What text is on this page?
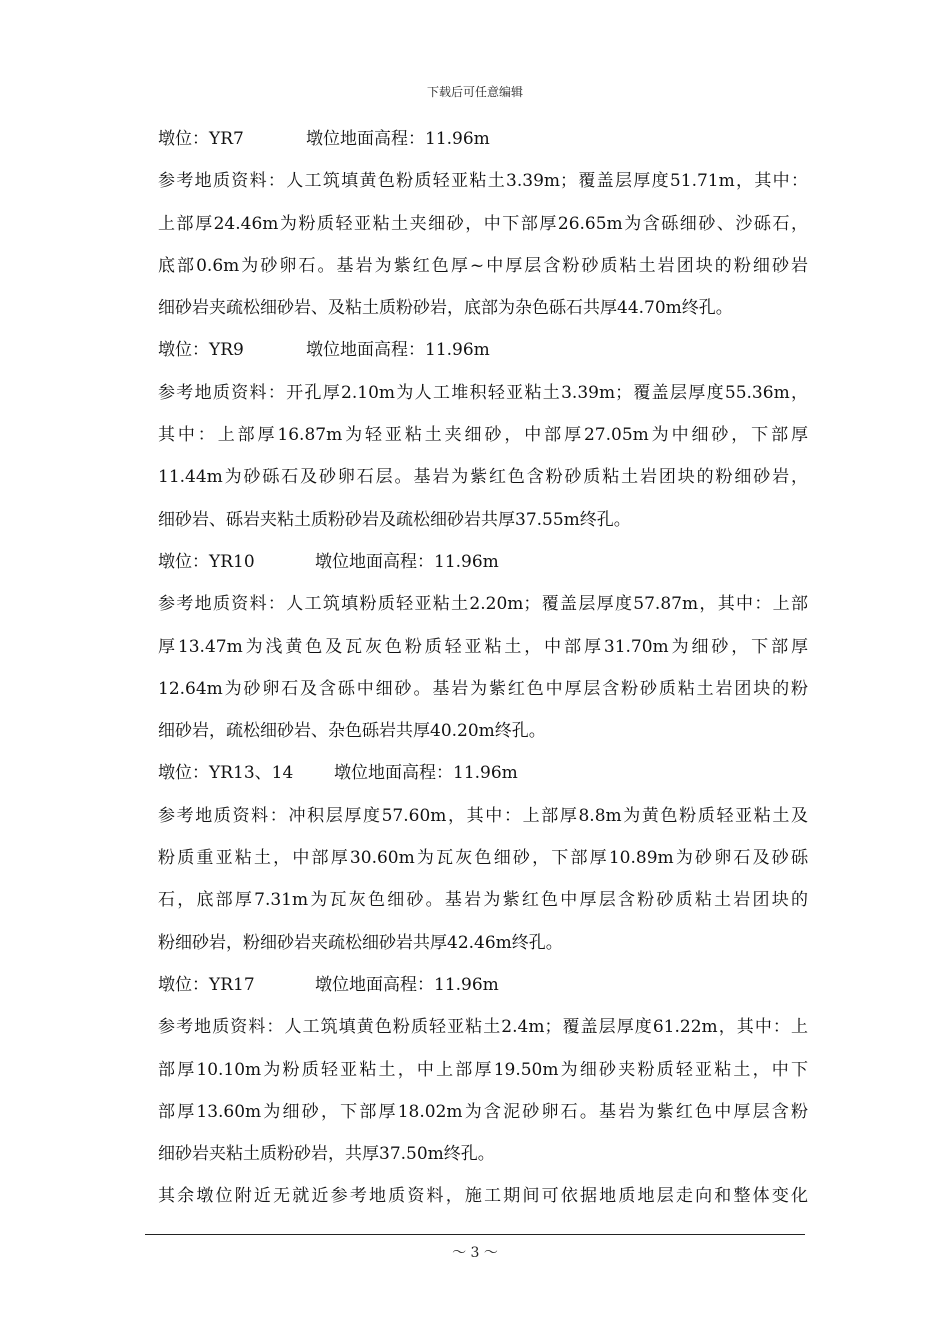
下载后可任意编辑
墩位：YR7	墩位地面高程：11.96m
参考地质资料：人工筑填黄色粉质轻亚粘土3.39m；覆盖层厚度51.71m，其中：
上部厚24.46m为粉质轻亚粘土夹细砂，中下部厚26.65m为含砾细砂、沙砾石，
底部0.6m为砂卵石。基岩为紫红色厚~中厚层含粉砂质粘土岩团块的粉细砂岩
细砂岩夹疏松细砂岩、及粘土质粉砂岩，底部为杂色砾石共厚44.70m终孔。
墩位：YR9	墩位地面高程：11.96m
参考地质资料：开孔厚2.10m为人工堆积轻亚粘土3.39m；覆盖层厚度55.36m，
其中：上部厚16.87m为轻亚粘土夹细砂，中部厚27.05m为中细砂，下部厚
11.44m为砂砾石及砂卵石层。基岩为紫红色含粉砂质粘土岩团块的粉细砂岩，
细砂岩、砾岩夹粘土质粉砂岩及疏松细砂岩共厚37.55m终孔。
墩位：YR10	墩位地面高程：11.96m
参考地质资料：人工筑填粉质轻亚粘土2.20m；覆盖层厚度57.87m，其中：上部
厚13.47m为浅黄色及瓦灰色粉质轻亚粘土，中部厚31.70m为细砂，下部厚
12.64m为砂卵石及含砾中细砂。基岩为紫红色中厚层含粉砂质粘土岩团块的粉
细砂岩，疏松细砂岩、杂色砾岩共厚40.20m终孔。
墩位：YR13、14 墩位地面高程：11.96m
参考地质资料：冲积层厚度57.60m，其中：上部厚8.8m为黄色粉质轻亚粘土及
粉质重亚粘土，中部厚30.60m为瓦灰色细砂，下部厚10.89m为砂卵石及砂砾
石，底部厚7.31m为瓦灰色细砂。基岩为紫红色中厚层含粉砂质粘土岩团块的
粉细砂岩，粉细砂岩夹疏松细砂岩共厚42.46m终孔。
墩位：YR17	墩位地面高程：11.96m
参考地质资料：人工筑填黄色粉质轻亚粘土2.4m；覆盖层厚度61.22m，其中：上
部厚10.10m为粉质轻亚粘土，中上部厚19.50m为细砂夹粉质轻亚粘土，中下
部厚13.60m为细砂，下部厚18.02m为含泥砂卵石。基岩为紫红色中厚层含粉
细砂岩夹粘土质粉砂岩，共厚37.50m终孔。
其余墩位附近无就近参考地质资料，施工期间可依据地质地层走向和整体变化
～ 3 ～
